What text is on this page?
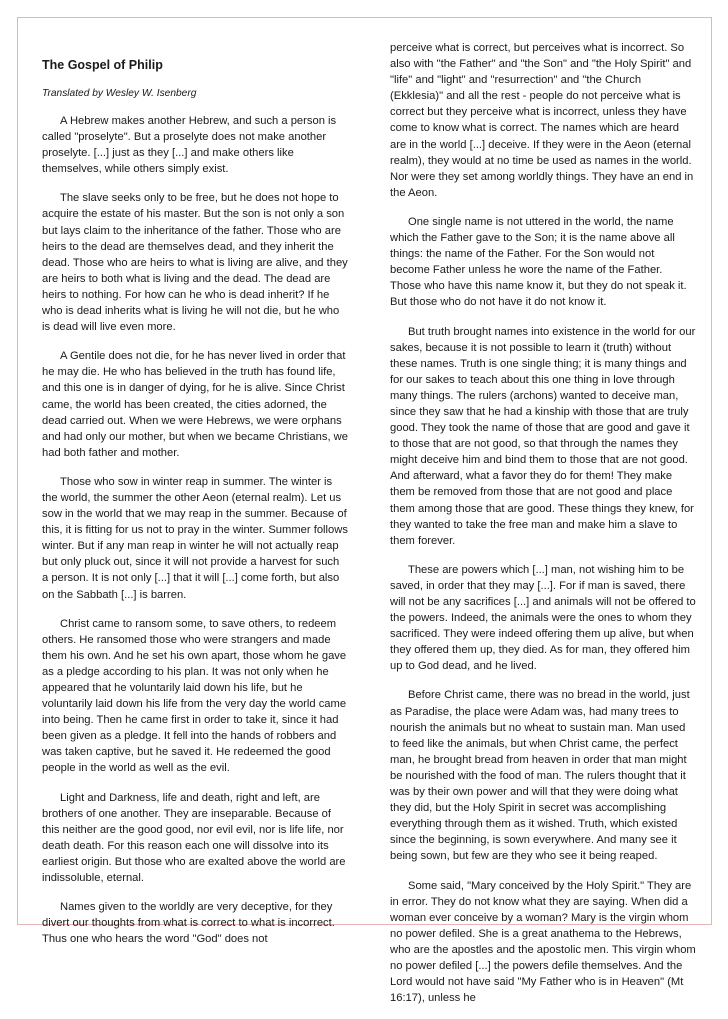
The Gospel of Philip
Translated by Wesley W. Isenberg

A Hebrew makes another Hebrew, and such a person is called "proselyte". But a proselyte does not make another proselyte. [...] just as they [...] and make others like themselves, while others simply exist.

The slave seeks only to be free, but he does not hope to acquire the estate of his master. But the son is not only a son but lays claim to the inheritance of the father. Those who are heirs to the dead are themselves dead, and they inherit the dead. Those who are heirs to what is living are alive, and they are heirs to both what is living and the dead. The dead are heirs to nothing. For how can he who is dead inherit? If he who is dead inherits what is living he will not die, but he who is dead will live even more.

A Gentile does not die, for he has never lived in order that he may die. He who has believed in the truth has found life, and this one is in danger of dying, for he is alive. Since Christ came, the world has been created, the cities adorned, the dead carried out. When we were Hebrews, we were orphans and had only our mother, but when we became Christians, we had both father and mother.

Those who sow in winter reap in summer. The winter is the world, the summer the other Aeon (eternal realm). Let us sow in the world that we may reap in the summer. Because of this, it is fitting for us not to pray in the winter. Summer follows winter. But if any man reap in winter he will not actually reap but only pluck out, since it will not provide a harvest for such a person. It is not only [...] that it will [...] come forth, but also on the Sabbath [...] is barren.

Christ came to ransom some, to save others, to redeem others. He ransomed those who were strangers and made them his own. And he set his own apart, those whom he gave as a pledge according to his plan. It was not only when he appeared that he voluntarily laid down his life, but he voluntarily laid down his life from the very day the world came into being. Then he came first in order to take it, since it had been given as a pledge. It fell into the hands of robbers and was taken captive, but he saved it. He redeemed the good people in the world as well as the evil.

Light and Darkness, life and death, right and left, are brothers of one another. They are inseparable. Because of this neither are the good good, nor evil evil, nor is life life, nor death death. For this reason each one will dissolve into its earliest origin. But those who are exalted above the world are indissoluble, eternal.

Names given to the worldly are very deceptive, for they divert our thoughts from what is correct to what is incorrect. Thus one who hears the word "God" does not

perceive what is correct, but perceives what is incorrect. So also with "the Father" and "the Son" and "the Holy Spirit" and "life" and "light" and "resurrection" and "the Church (Ekklesia)" and all the rest - people do not perceive what is correct but they perceive what is incorrect, unless they have come to know what is correct. The names which are heard are in the world [...] deceive. If they were in the Aeon (eternal realm), they would at no time be used as names in the world. Nor were they set among worldly things. They have an end in the Aeon.

One single name is not uttered in the world, the name which the Father gave to the Son; it is the name above all things: the name of the Father. For the Son would not become Father unless he wore the name of the Father. Those who have this name know it, but they do not speak it. But those who do not have it do not know it.

But truth brought names into existence in the world for our sakes, because it is not possible to learn it (truth) without these names. Truth is one single thing; it is many things and for our sakes to teach about this one thing in love through many things. The rulers (archons) wanted to deceive man, since they saw that he had a kinship with those that are truly good. They took the name of those that are good and gave it to those that are not good, so that through the names they might deceive him and bind them to those that are not good. And afterward, what a favor they do for them! They make them be removed from those that are not good and place them among those that are good. These things they knew, for they wanted to take the free man and make him a slave to them forever.

These are powers which [...] man, not wishing him to be saved, in order that they may [...]. For if man is saved, there will not be any sacrifices [...] and animals will not be offered to the powers. Indeed, the animals were the ones to whom they sacrificed. They were indeed offering them up alive, but when they offered them up, they died. As for man, they offered him up to God dead, and he lived.

Before Christ came, there was no bread in the world, just as Paradise, the place were Adam was, had many trees to nourish the animals but no wheat to sustain man. Man used to feed like the animals, but when Christ came, the perfect man, he brought bread from heaven in order that man might be nourished with the food of man. The rulers thought that it was by their own power and will that they were doing what they did, but the Holy Spirit in secret was accomplishing everything through them as it wished. Truth, which existed since the beginning, is sown everywhere. And many see it being sown, but few are they who see it being reaped.

Some said, "Mary conceived by the Holy Spirit." They are in error. They do not know what they are saying. When did a woman ever conceive by a woman? Mary is the virgin whom no power defiled. She is a great anathema to the Hebrews, who are the apostles and the apostolic men. This virgin whom no power defiled [...] the powers defile themselves. And the Lord would not have said "My Father who is in Heaven" (Mt 16:17), unless he
